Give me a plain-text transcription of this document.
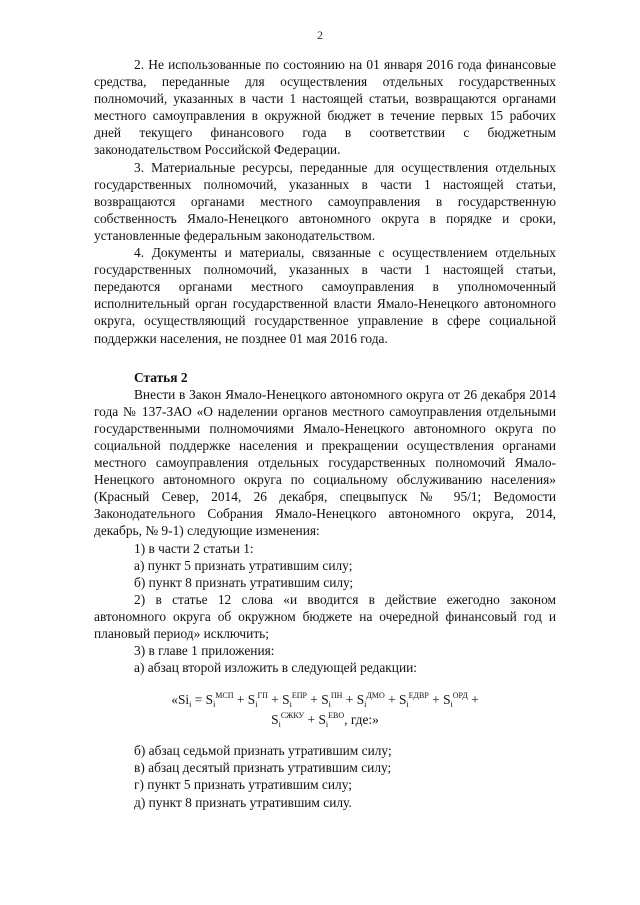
2

2. Не использованные по состоянию на 01 января 2016 года финансовые средства, переданные для осуществления отдельных государственных полномочий, указанных в части 1 настоящей статьи, возвращаются органами местного самоуправления в окружной бюджет в течение первых 15 рабочих дней текущего финансового года в соответствии с бюджетным законодательством Российской Федерации.

3. Материальные ресурсы, переданные для осуществления отдельных государственных полномочий, указанных в части 1 настоящей статьи, возвращаются органами местного самоуправления в государственную собственность Ямало-Ненецкого автономного округа в порядке и сроки, установленные федеральным законодательством.

4. Документы и материалы, связанные с осуществлением отдельных государственных полномочий, указанных в части 1 настоящей статьи, передаются органами местного самоуправления в уполномоченный исполнительный орган государственной власти Ямало-Ненецкого автономного округа, осуществляющий государственное управление в сфере социальной поддержки населения, не позднее 01 мая 2016 года.

Статья 2

Внести в Закон Ямало-Ненецкого автономного округа от 26 декабря 2014 года № 137-ЗАО «О наделении органов местного самоуправления отдельными государственными полномочиями Ямало-Ненецкого автономного округа по социальной поддержке населения и прекращении осуществления органами местного самоуправления отдельных государственных полномочий Ямало-Ненецкого автономного округа по социальному обслуживанию населения» (Красный Север, 2014, 26 декабря, спецвыпуск № 95/1; Ведомости Законодательного Собрания Ямало-Ненецкого автономного округа, 2014, декабрь, № 9-1) следующие изменения:

1) в части 2 статьи 1:

а) пункт 5 признать утратившим силу;

б) пункт 8 признать утратившим силу;

2) в статье 12 слова «и вводится в действие ежегодно законом автономного округа об окружном бюджете на очередной финансовый год и плановый период» исключить;

3) в главе 1 приложения:

а) абзац второй изложить в следующей редакции:

«$Si_i = S_i^{МСП} + S_i^{ГП} + S_i^{ЕПР} + S_i^{ПН} + S_i^{ДМО} + S_i^{ЕДВР} + S_i^{ОРД}$ +
$S_i^{СЖКУ} + S_i^{ЕВО}$, где:»

б) абзац седьмой признать утратившим силу;

в) абзац десятый признать утратившим силу;

г) пункт 5 признать утратившим силу;

д) пункт 8 признать утратившим силу.
